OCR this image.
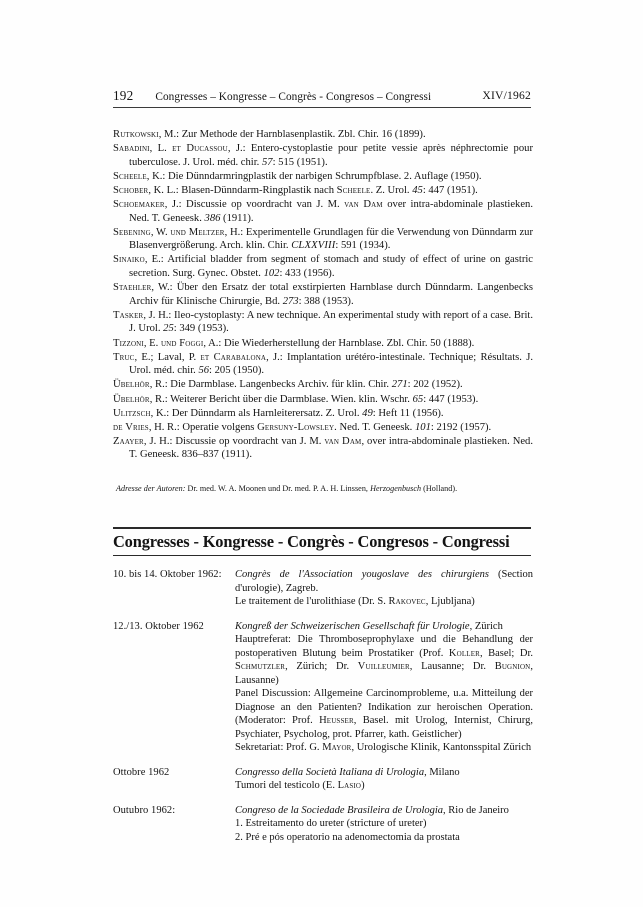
192 Congresses – Kongresse – Congrès - Congresos – Congressi	XIV/1962

Rutkowski, M.: Zur Methode der Harnblasenplastik. Zbl. Chir. 16 (1899).

Sabadini, L. et Ducassou, J.: Entero-cystoplastie pour petite vessie après néphrectomie pour tuberculose. J. Urol. méd. chir. 57: 515 (1951).

Scheele, K.: Die Dünndarmringplastik der narbigen Schrumpfblase. 2. Auflage (1950).

Schober, K. L.: Blasen-Dünndarm-Ringplastik nach Scheele. Z. Urol. 45: 447 (1951).

Schoemaker, J.: Discussie op voordracht van J. M. van Dam over intra-abdominale plastieken. Ned. T. Geneesk. 386 (1911).

Sebening, W. und Meltzer, H.: Experimentelle Grundlagen für die Verwendung von Dünndarm zur Blasenvergrößerung. Arch. klin. Chir. CLXXVIII: 591 (1934).

Sinaiko, E.: Artificial bladder from segment of stomach and study of effect of urine on gastric secretion. Surg. Gynec. Obstet. 102: 433 (1956).

Staehler, W.: Über den Ersatz der total exstirpierten Harnblase durch Dünndarm. Langenbecks Archiv für Klinische Chirurgie, Bd. 273: 388 (1953).

Tasker, J. H.: Ileo-cystoplasty: A new technique. An experimental study with report of a case. Brit. J. Urol. 25: 349 (1953).

Tizzoni, E. und Foggi, A.: Die Wiederherstellung der Harnblase. Zbl. Chir. 50 (1888).

Truc, E.; Laval, P. et Carabalona, J.: Implantation urétéro-intestinale. Technique; Résultats. J. Urol. méd. chir. 56: 205 (1950).

Übelhör, R.: Die Darmblase. Langenbecks Archiv. für klin. Chir. 271: 202 (1952).

Übelhör, R.: Weiterer Bericht über die Darmblase. Wien. klin. Wschr. 65: 447 (1953).

Ulitzsch, K.: Der Dünndarm als Harnleiterersatz. Z. Urol. 49: Heft 11 (1956).

de Vries, H. R.: Operatie volgens Gersuny-Lowsley. Ned. T. Geneesk. 101: 2192 (1957).

Zaayer, J. H.: Discussie op voordracht van J. M. van Dam, over intra-abdominale plastieken. Ned. T. Geneesk. 836–837 (1911).

Adresse der Autoren: Dr. med. W. A. Moonen und Dr. med. P. A. H. Linssen, Herzogenbusch (Holland).
Congresses - Kongresse - Congrès - Congresos - Congressi
10. bis 14. Oktober 1962:	Congrès de l'Association yougoslave des chirurgiens (Section d'urologie), Zagreb.
Le traitement de l'urolithiase (Dr. S. Rakovec, Ljubljana)
12./13. Oktober 1962	Kongreß der Schweizerischen Gesellschaft für Urologie, Zürich
Hauptreferat: Die Thromboseprophylaxe und die Behandlung der postoperativen Blutung beim Prostatiker (Prof. Koller, Basel; Dr. Schmutzler, Zürich; Dr. Vuilleumier, Lausanne; Dr. Bugnion, Lausanne)
Panel Discussion: Allgemeine Carcinomprobleme, u.a. Mitteilung der Diagnose an den Patienten? Indikation zur heroischen Operation. (Moderator: Prof. Heusser, Basel. mit Urolog, Internist, Chirurg, Psychiater, Psycholog, prot. Pfarrer, kath. Geistlicher)
Sekretariat: Prof. G. Mayor, Urologische Klinik, Kantonsspital Zürich
Ottobre 1962	Congresso della Società Italiana di Urologia, Milano
Tumori del testicolo (E. Lasio)
Outubro 1962:	Congreso de la Sociedade Brasileira de Urologia, Rio de Janeiro
1. Estreitamento do ureter (stricture of ureter)
2. Pré e pós operatorio na adenomectomia da prostata
